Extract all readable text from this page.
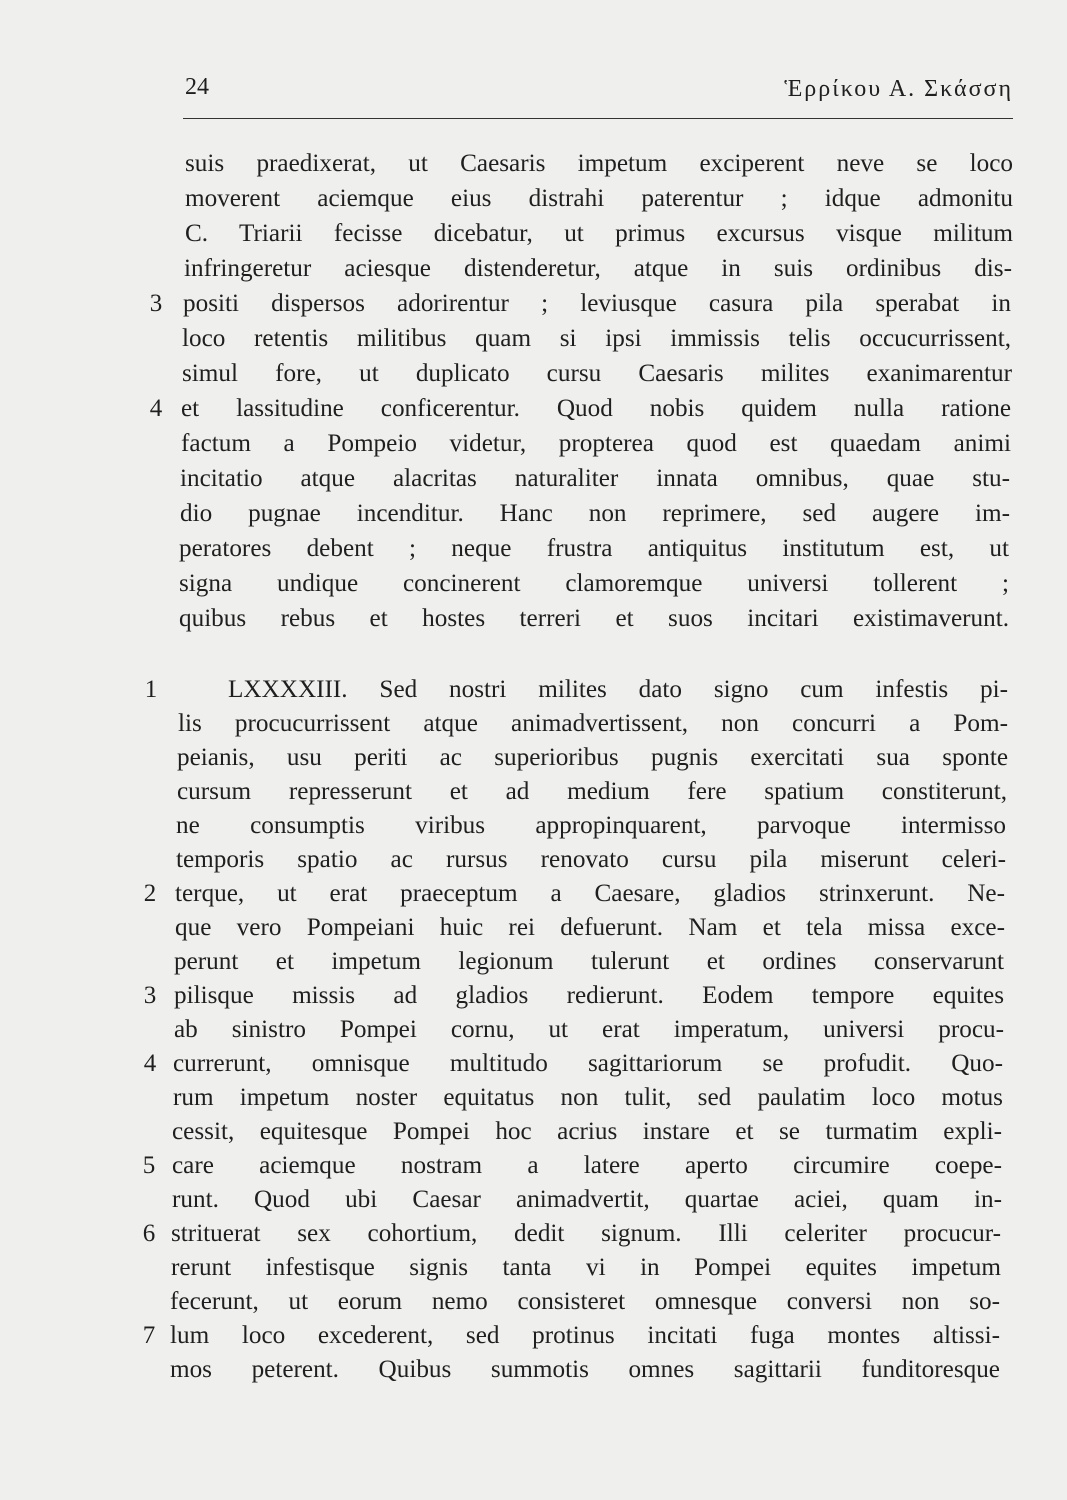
24	Ἑρρίκου Α. Σκάσση
suis praedixerat, ut Caesaris impetum exciperent neve se loco
moverent aciemque eius distrahi paterentur ; idque admonitu
C. Triarii fecisse dicebatur, ut primus excursus visque militum
infringeretur aciesque distenderetur, atque in suis ordinibus dis-
positi dispersos adorirentur ; leviusque casura pila sperabat in
loco retentis militibus quam si ipsi immissis telis occucurrissent,
simul fore, ut duplicato cursu Caesaris milites exanimarentur
et lassitudine conficerentur. Quod nobis quidem nulla ratione
factum a Pompeio videtur, propterea quod est quaedam animi
incitatio atque alacritas naturaliter innata omnibus, quae stu-
dio pugnae incenditur. Hanc non reprimere, sed augere im-
peratores debent ; neque frustra antiquitus institutum est, ut
signa undique concinerent clamoremque universi tollerent ;
quibus rebus et hostes terreri et suos incitari existimaverunt.
3
4
LXXXXIII. Sed nostri milites dato signo cum infestis pi-
lis procucurrissent atque animadvertissent, non concurri a Pom-
peianis, usu periti ac superioribus pugnis exercitati sua sponte
cursum represserunt et ad medium fere spatium constiterunt,
ne consumptis viribus appropinquarent, parvoque intermisso
temporis spatio ac rursus renovato cursu pila miserunt celeri-
terque, ut erat praeceptum a Caesare, gladios strinxerunt. Ne-
que vero Pompeiani huic rei defuerunt. Nam et tela missa exce-
perunt et impetum legionum tulerunt et ordines conservarunt
pilisque missis ad gladios redierunt. Eodem tempore equites
ab sinistro Pompei cornu, ut erat imperatum, universi procu-
currerunt, omnisque multitudo sagittariorum se profudit. Quo-
rum impetum noster equitatus non tulit, sed paulatim loco motus
cessit, equitesque Pompei hoc acrius instare et se turmatim expli-
care aciemque nostram a latere aperto circumire coepe-
runt. Quod ubi Caesar animadvertit, quartae aciei, quam in-
strituerat sex cohortium, dedit signum. Illi celeriter procucur-
rerunt infestisque signis tanta vi in Pompei equites impetum
fecerunt, ut eorum nemo consisteret omnesque conversi non so-
lum loco excederent, sed protinus incitati fuga montes altissi-
mos peterent. Quibus summotis omnes sagittarii funditoresque
1
2
3
4
5
6
7
